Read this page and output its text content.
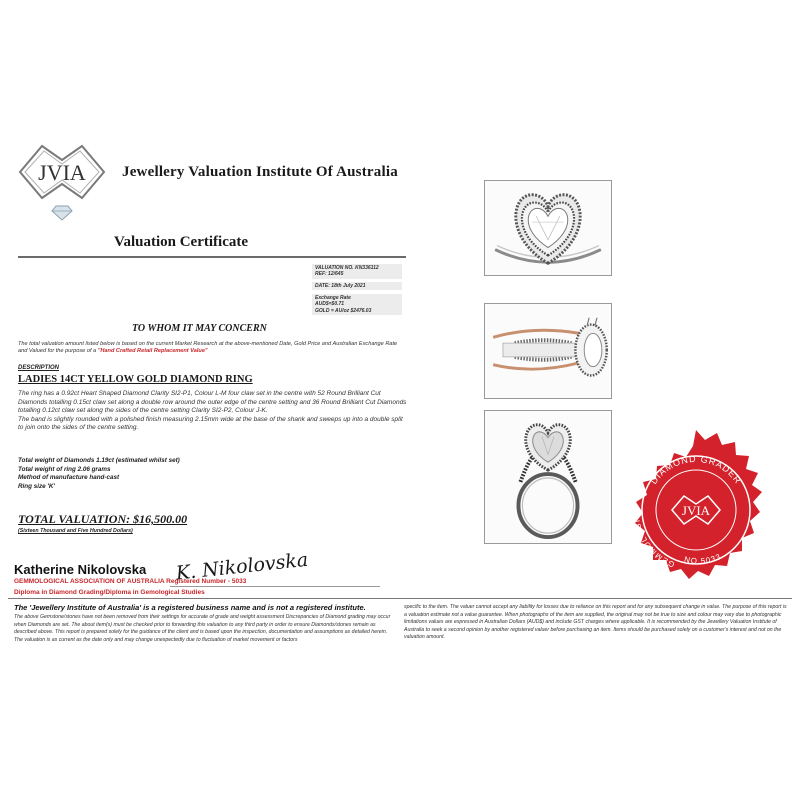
JVIA Jewellery Valuation Institute Of Australia
Valuation Certificate
VALUATION NO. KN336112
REF: 12/645
DATE: 18th July 2021
Exchange Rate
AUD$=$0.71
GOLD = AU/oz $2476.03
TO WHOM IT MAY CONCERN
The total valuation amount listed below is based on the current Market Research at the above-mentioned Date, Gold Price and Australian Exchange Rate and Valued for the purpose of a "Hand Crafted Retail Replacement Value"
DESCRIPTION
LADIES 14CT YELLOW GOLD DIAMOND RING

The ring has a 0.92ct Heart Shaped Diamond Clarity SI2-P1, Colour L-M four claw set in the centre with 52 Round Brilliant Cut Diamonds totalling 0.15ct claw set along a double row around the outer edge of the centre setting and 36 Round Brilliant Cut Diamonds totalling 0.12ct claw set along the sides of the centre setting Clarity SI2-P2, Colour J-K.

The band is slightly rounded with a polished finish measuring 2.15mm wide at the base of the shank and sweeps up into a double split to join onto the sides of the centre setting.

Total weight of Diamonds 1.19ct (estimated whilst set)
Total weight of ring 2.06 grams
Method of manufacture hand-cast
Ring size 'K'
TOTAL VALUATION: $16,500.00
(Sixteen Thousand and Five Hundred Dollars)
Katherine Nikolovska K. Nikolovska
GEMMOLOGICAL ASSOCIATION OF AUSTRALIA Registered Number - 5033
Diploma in Diamond Grading/Diploma in Gemological Studies
The 'Jewellery Institute of Australia' is a registered business name and is not a registered institute.
The above Gemstone/stones have not been removed from their settings for accurate of grade and weight assessment Discrepancies of Diamond grading may occur when Diamonds are set. The about item(s) must be checked prior to forwarding this valuation to any third party in order to ensure Diamonds/stones remain as described above. This report is prepared solely for the guidance of the client and is based upon the inspection, documentation and assumptions as detailed herein. The valuation is as current as the date only and may change unexpectedly due to fluctuation of market movement or factors
specific to the item. The valuer cannot accept any liability for losses due to reliance on this report and for any subsequent change in value. The purpose of this report is a valuation estimate not a value guarantee. When photographs of the item are supplied, the original may not be true to size and colour may vary due to photographic limitations values are expressed in Australian Dollars (AUD$) and include GST charges where applicable. It is recommended by the Jewellery Valuation Institute of Australia to seek a second opinion by another registered valuer before purchasing an item. Items should be purchased solely on a customer's interest and not on the valuation amount.
DIAMOND GRADER
GEMMOLOGIST
NO.5033
JVIA
